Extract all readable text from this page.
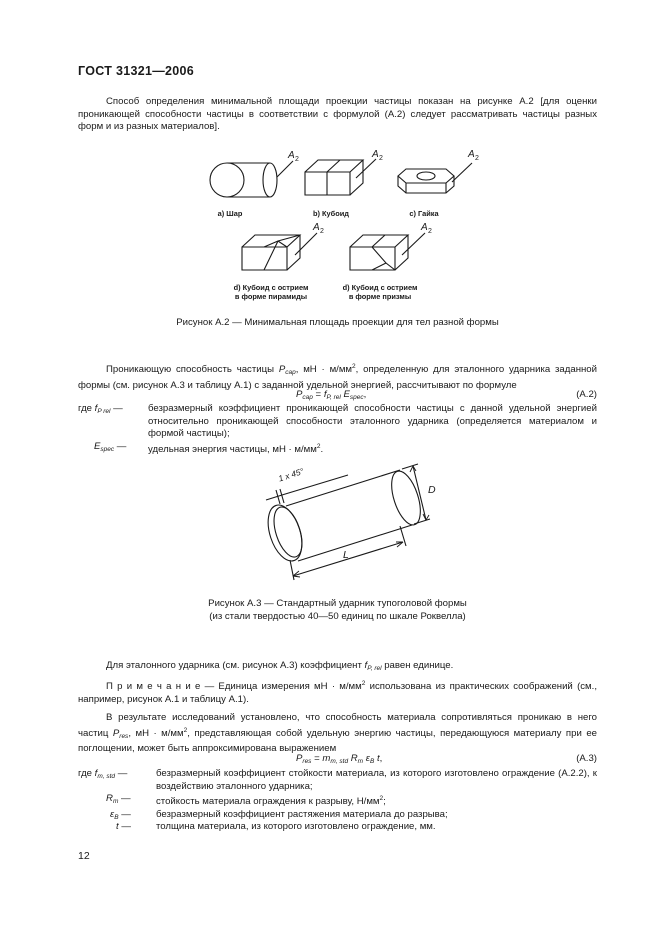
ГОСТ 31321—2006
Способ определения минимальной площади проекции частицы показан на рисунке А.2 [для оценки проникающей способности частицы в соответствии с формулой (А.2) следует рассматривать частицы разных форм и из разных материалов].
A 2	A 2	A 2
A 2	A 2
a) Шар	b) Кубоид	c) Гайка
d) Кубоид с острием
в форме пирамиды
d) Кубоид с острием
в форме призмы
Рисунок А.2 — Минимальная площадь проекции для тел разной формы
Проникающую способность частицы $P_{cap}$, мН · $м/мм^2$, определенную для эталонного ударника заданной формы (см. рисунок А.3 и таблицу А.1) с заданной удельной энергией, рассчитывают по формуле
$P_{cap} = f_{P, rel}$ $E_{spec}$,	(А.2)
где $f_{P rel}$ —	безразмерный коэффициент проникающей способности частицы с данной удельной энергией относительно проникающей способности эталонного ударника (определяется материалом и формой частицы);
$E_{spec}$ —	удельная энергия частицы, мН · $м/мм^2$.
1 x 45°
D
L
Рисунок А.3 — Стандартный ударник тупоголовой формы
(из стали твердостью 40—50 единиц по шкале Роквелла)
Для эталонного ударника (см. рисунок А.3) коэффициент $f_{P, rel}$ равен единице.
П р и м е ч а н и е — Единица измерения мН · $м/мм^2$ использована из практических соображений (см., например, рисунок А.1 и таблицу А.1).
В результате исследований установлено, что способность материала сопротивляться проникаю в него частиц $P_{res}$, мН · $м/мм^2$, представляющая собой удельную энергию частицы, передающуюся материалу при ее поглощении, может быть аппроксимирована выражением
$P_{res} = m_{m, std}$ $R_m$ $\varepsilon_B$ t,	(А.3)
где $f_{m, std}$ —	безразмерный коэффициент стойкости материала, из которого изготовлено ограждение (А.2.2), к воздействию эталонного ударника;
$R_m$ —	стойкость материала ограждения к разрыву, $Н/мм^2$;
$\varepsilon_B$ —	безразмерный коэффициент растяжения материала до разрыва;
t —	толщина материала, из которого изготовлено ограждение, мм.
12
